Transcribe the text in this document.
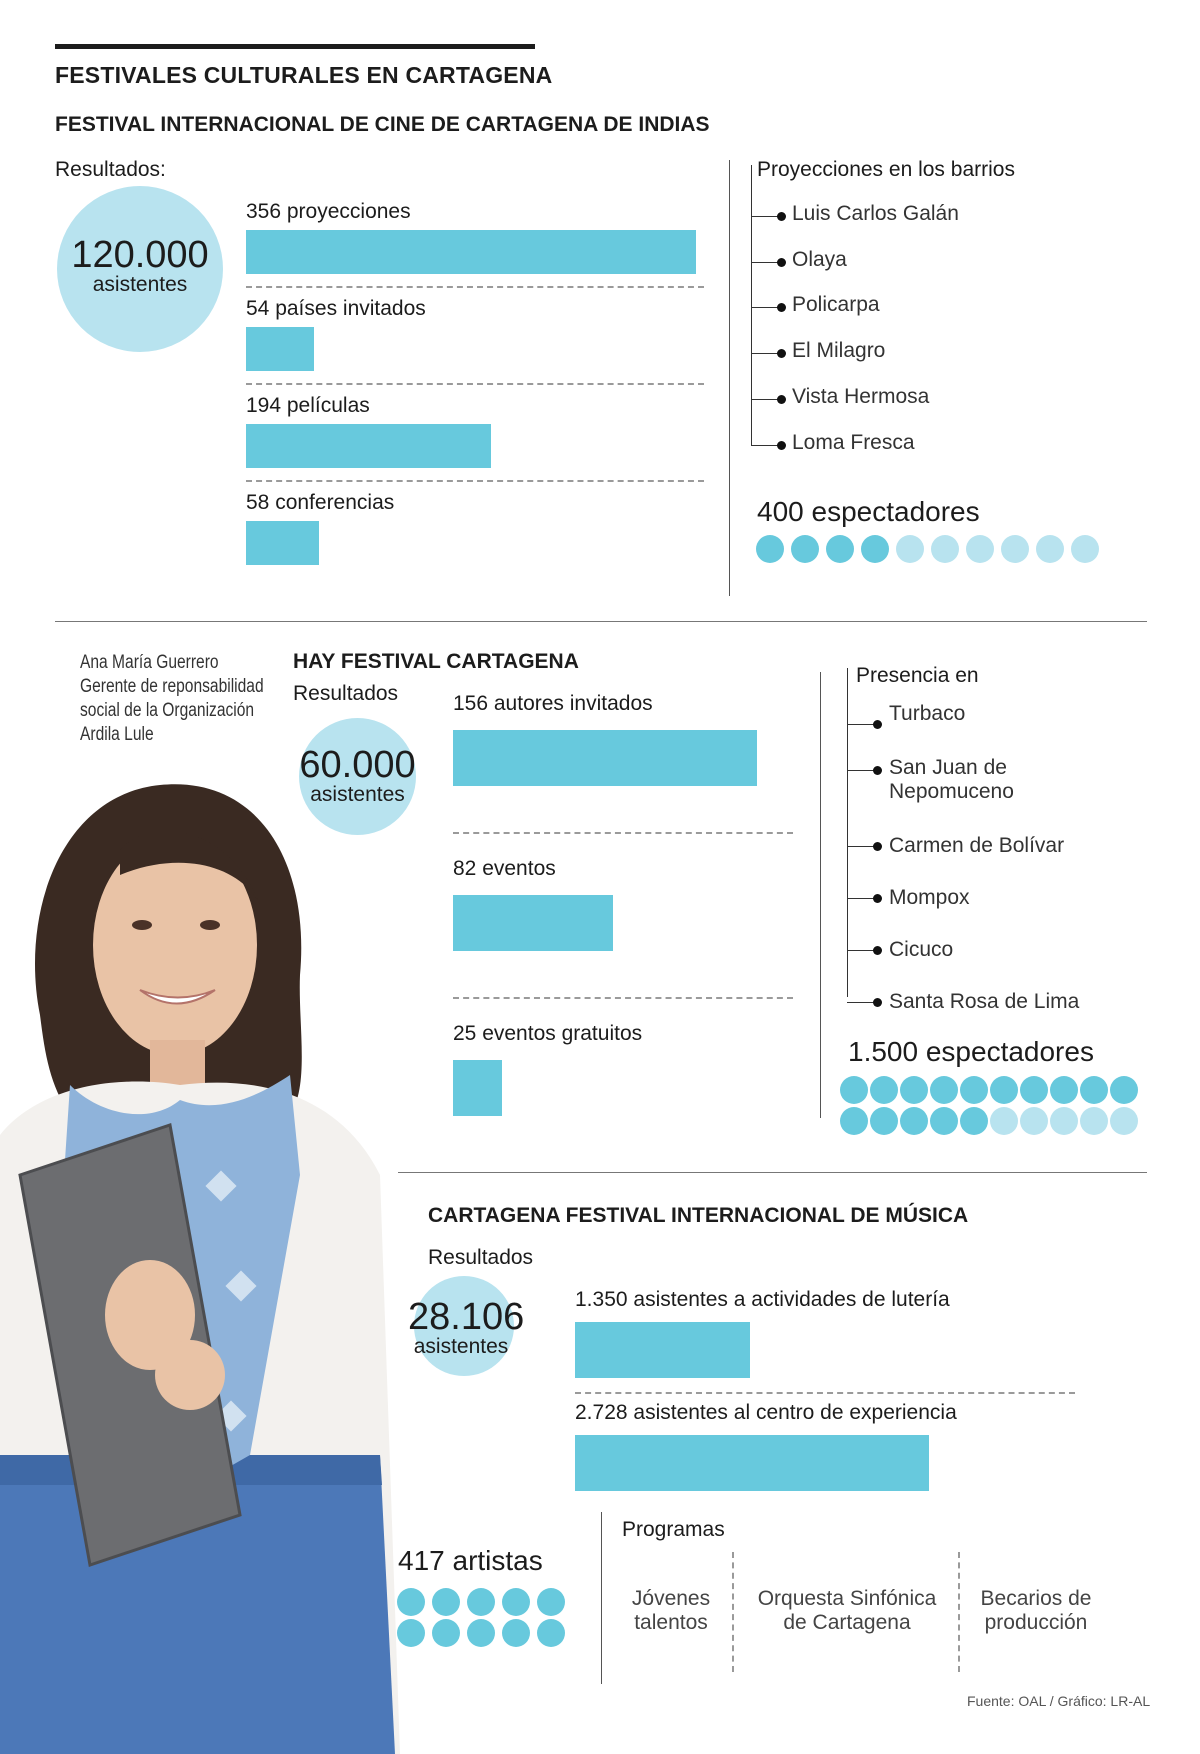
FESTIVALES CULTURALES EN CARTAGENA
FESTIVAL INTERNACIONAL DE CINE DE CARTAGENA DE INDIAS
Resultados:
120.000
asistentes
356 proyecciones
54 países invitados
194 películas
58 conferencias
Proyecciones en los barrios
Luis Carlos Galán
Olaya
Policarpa
El Milagro
Vista Hermosa
Loma Fresca
400 espectadores
Ana María Guerrero
Gerente de reponsabilidad social de la Organización Ardila Lule
HAY FESTIVAL CARTAGENA
Resultados
60.000
asistentes
156 autores invitados
82 eventos
25 eventos gratuitos
Presencia en
Turbaco
San Juan de
Nepomuceno
Carmen de Bolívar
Mompox
Cicuco
Santa Rosa de Lima
1.500 espectadores
CARTAGENA FESTIVAL INTERNACIONAL DE MÚSICA
Resultados
28.106
asistentes
1.350 asistentes a actividades de lutería
2.728 asistentes al centro de experiencia
417 artistas
Programas
Jóvenes
talentos
Orquesta Sinfónica
de Cartagena
Becarios de
producción
Fuente: OAL / Gráfico: LR-AL
